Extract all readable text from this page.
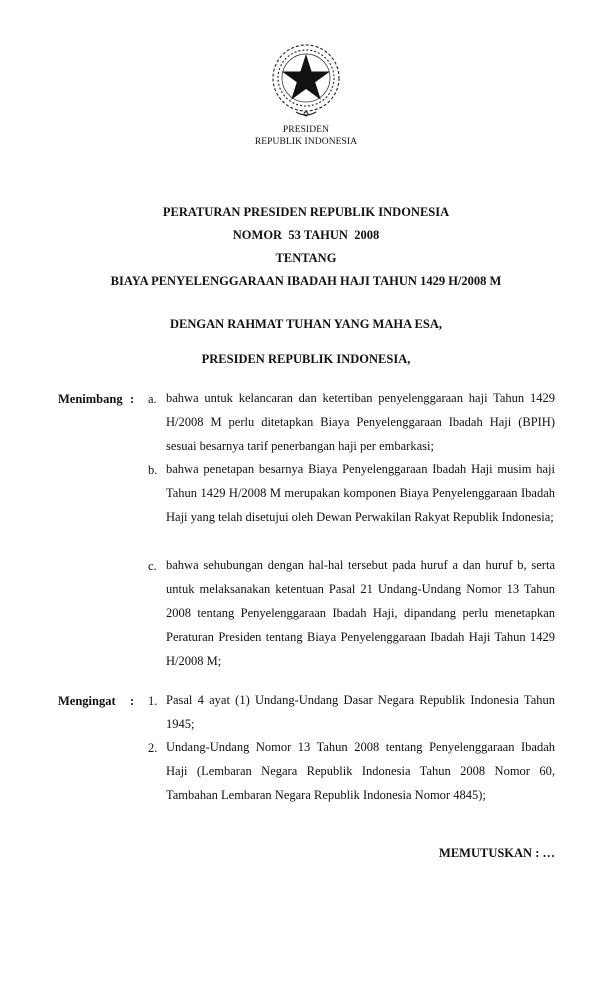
PRESIDEN
REPUBLIK INDONESIA
PERATURAN PRESIDEN REPUBLIK INDONESIA
NOMOR  53 TAHUN  2008
TENTANG
BIAYA PENYELENGGARAAN IBADAH HAJI TAHUN 1429 H/2008 M
DENGAN RAHMAT TUHAN YANG MAHA ESA,
PRESIDEN REPUBLIK INDONESIA,
Menimbang : a. bahwa untuk kelancaran dan ketertiban penyelenggaraan haji Tahun 1429 H/2008 M perlu ditetapkan Biaya Penyelenggaraan Ibadah Haji (BPIH) sesuai besarnya tarif penerbangan haji per embarkasi;
b. bahwa penetapan besarnya Biaya Penyelenggaraan Ibadah Haji musim haji Tahun 1429 H/2008 M merupakan komponen Biaya Penyelenggaraan Ibadah Haji yang telah disetujui oleh Dewan Perwakilan Rakyat Republik Indonesia;
c. bahwa sehubungan dengan hal-hal tersebut pada huruf a dan huruf b, serta untuk melaksanakan ketentuan Pasal 21 Undang-Undang Nomor 13 Tahun 2008 tentang Penyelenggaraan Ibadah Haji, dipandang perlu menetapkan Peraturan Presiden tentang Biaya Penyelenggaraan Ibadah Haji Tahun 1429 H/2008 M;
Mengingat : 1. Pasal 4 ayat (1) Undang-Undang Dasar Negara Republik Indonesia Tahun 1945;
2. Undang-Undang Nomor 13 Tahun 2008 tentang Penyelenggaraan Ibadah Haji (Lembaran Negara Republik Indonesia Tahun 2008 Nomor 60, Tambahan Lembaran Negara Republik Indonesia Nomor 4845);
MEMUTUSKAN : …
